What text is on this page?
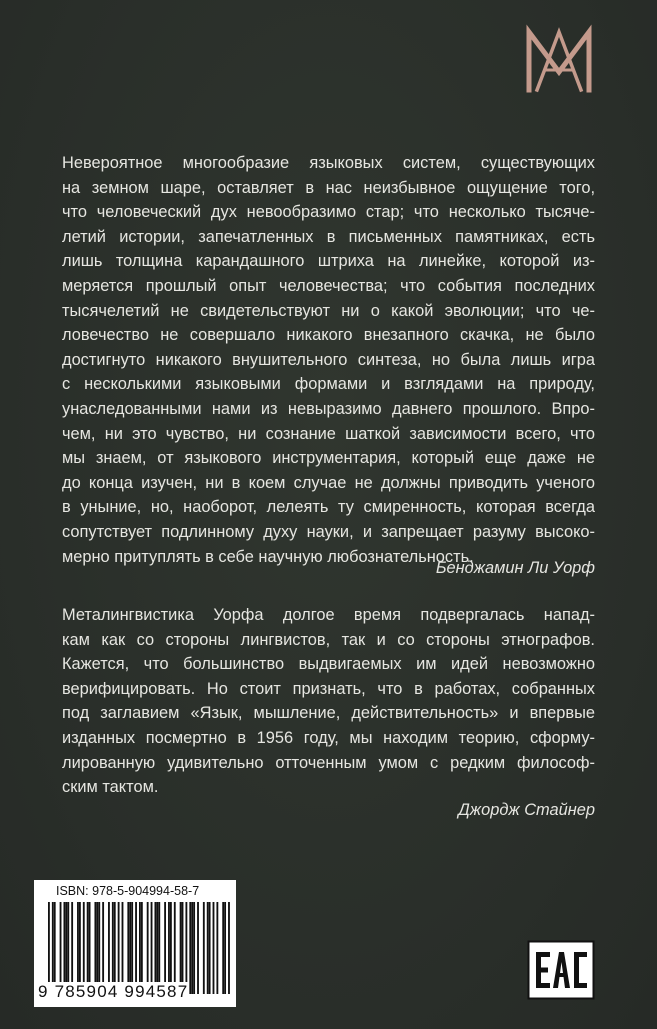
Невероятное многообразие языковых систем, существующих
на земном шаре, оставляет в нас неизбывное ощущение того,
что человеческий дух невообразимо стар; что несколько тысяче-
летий истории, запечатленных в письменных памятниках, есть
лишь толщина карандашного штриха на линейке, которой из-
меряется прошлый опыт человечества; что события последних
тысячелетий не свидетельствуют ни о какой эволюции; что че-
ловечество не совершало никакого внезапного скачка, не было
достигнуто никакого внушительного синтеза, но была лишь игра
с несколькими языковыми формами и взглядами на природу,
унаследованными нами из невыразимо давнего прошлого. Впро-
чем, ни это чувство, ни сознание шаткой зависимости всего, что
мы знаем, от языкового инструментария, который еще даже не
до конца изучен, ни в коем случае не должны приводить ученого
в уныние, но, наоборот, лелеять ту смиренность, которая всегда
сопутствует подлинному духу науки, и запрещает разуму высоко-
мерно притуплять в себе научную любознательность.
Бенджамин Ли Уорф
Металингвистика Уорфа долгое время подвергалась напад-
кам как со стороны лингвистов, так и со стороны этнографов.
Кажется, что большинство выдвигаемых им идей невозможно
верифицировать. Но стоит признать, что в работах, собранных
под заглавием «Язык, мышление, действительность» и впервые
изданных посмертно в 1956 году, мы находим теорию, сформу-
лированную удивительно отточенным умом с редким философ-
ским тактом.
Джордж Стайнер
ISBN: 978-5-904994-58-7
9 785904 994587
